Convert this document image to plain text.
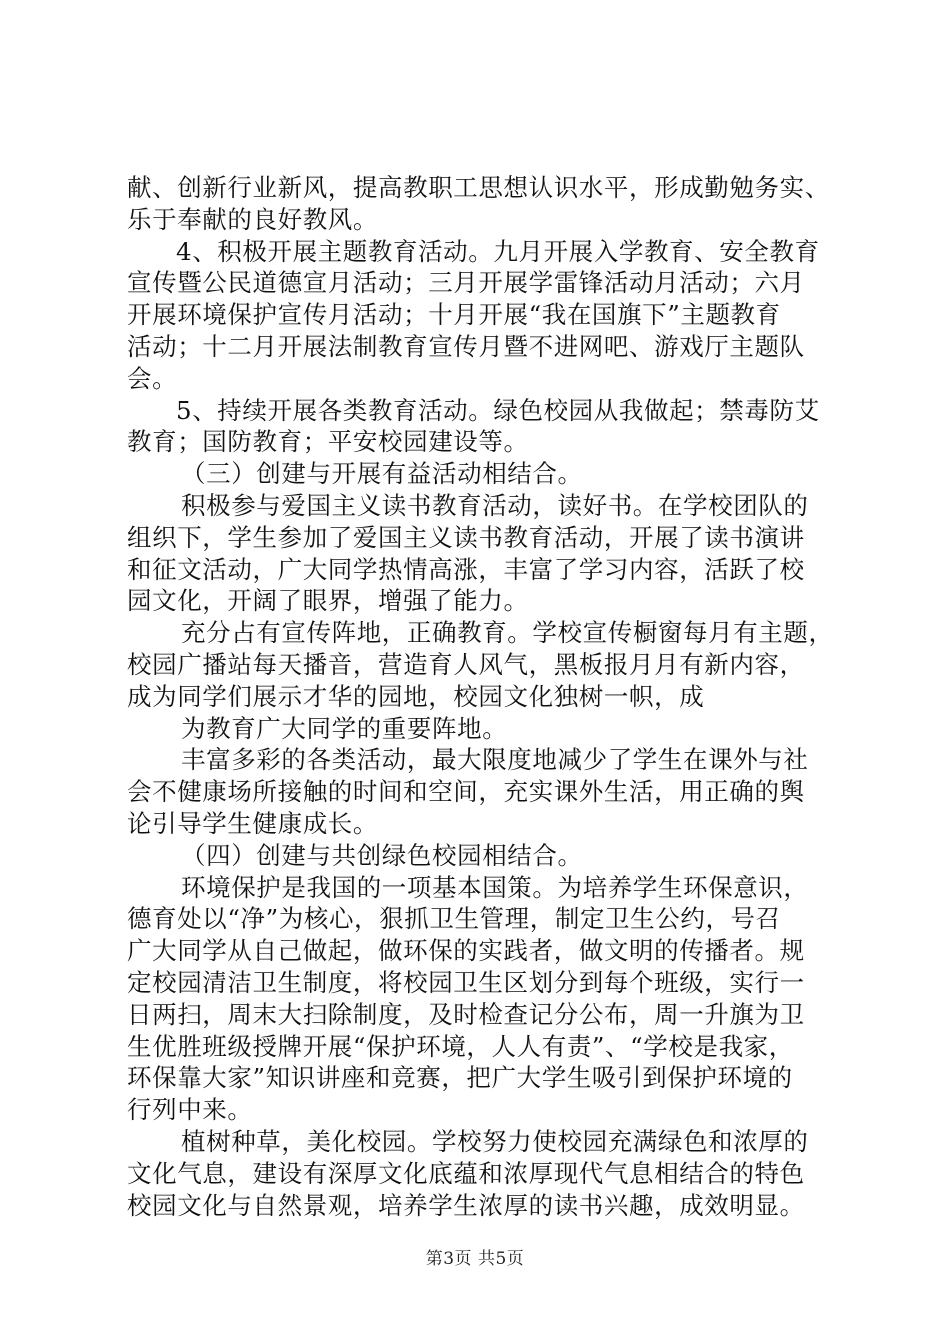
献、创新行业新风，提高教职工思想认识水平，形成勤勉务实、
乐于奉献的良好教风。
4、积极开展主题教育活动。九月开展入学教育、安全教育
宣传暨公民道德宣月活动；三月开展学雷锋活动月活动；六月
开展环境保护宣传月活动；十月开展“我在国旗下”主题教育
活动；十二月开展法制教育宣传月暨不进网吧、游戏厅主题队
会。
5、持续开展各类教育活动。绿色校园从我做起；禁毒防艾
教育；国防教育；平安校园建设等。
（三）创建与开展有益活动相结合。
积极参与爱国主义读书教育活动，读好书。在学校团队的
组织下，学生参加了爱国主义读书教育活动，开展了读书演讲
和征文活动，广大同学热情高涨，丰富了学习内容，活跃了校
园文化，开阔了眼界，增强了能力。
充分占有宣传阵地，正确教育。学校宣传橱窗每月有主题，
校园广播站每天播音，营造育人风气，黑板报月月有新内容，
成为同学们展示才华的园地，校园文化独树一帜，成
为教育广大同学的重要阵地。
丰富多彩的各类活动，最大限度地减少了学生在课外与社
会不健康场所接触的时间和空间，充实课外生活，用正确的舆
论引导学生健康成长。
（四）创建与共创绿色校园相结合。
环境保护是我国的一项基本国策。为培养学生环保意识，
德育处以“净”为核心，狠抓卫生管理，制定卫生公约，号召
广大同学从自己做起，做环保的实践者，做文明的传播者。规
定校园清洁卫生制度，将校园卫生区划分到每个班级，实行一
日两扫，周末大扫除制度，及时检查记分公布，周一升旗为卫
生优胜班级授牌开展“保护环境，人人有责”、“学校是我家，
环保靠大家”知识讲座和竞赛，把广大学生吸引到保护环境的
行列中来。
植树种草，美化校园。学校努力使校园充满绿色和浓厚的
文化气息，建设有深厚文化底蕴和浓厚现代气息相结合的特色
校园文化与自然景观，培养学生浓厚的读书兴趣，成效明显。
第3页 共5页
